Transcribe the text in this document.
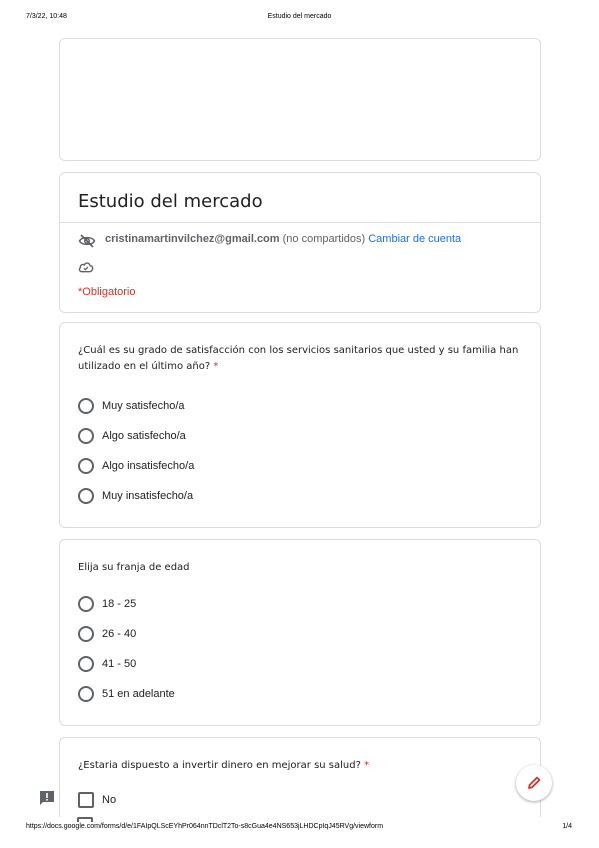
7/3/22, 10:48	Estudio del mercado
Estudio del mercado
cristinamartinvilchez@gmail.com (no compartidos) Cambiar de cuenta
*Obligatorio
¿Cuál es su grado de satisfacción con los servicios sanitarios que usted y su familia han utilizado en el último año? *
Muy satisfecho/a
Algo satisfecho/a
Algo insatisfecho/a
Muy insatisfecho/a
Elija su franja de edad
18 - 25
26 - 40
41 - 50
51 en adelante
¿Estaria dispuesto a invertir dinero en mejorar su salud? *
No
https://docs.google.com/forms/d/e/1FAIpQLScEYhPr064nnTDclT2To-s8cGua4e4NS653jLHDCpIqJ45RVg/viewform	1/4
